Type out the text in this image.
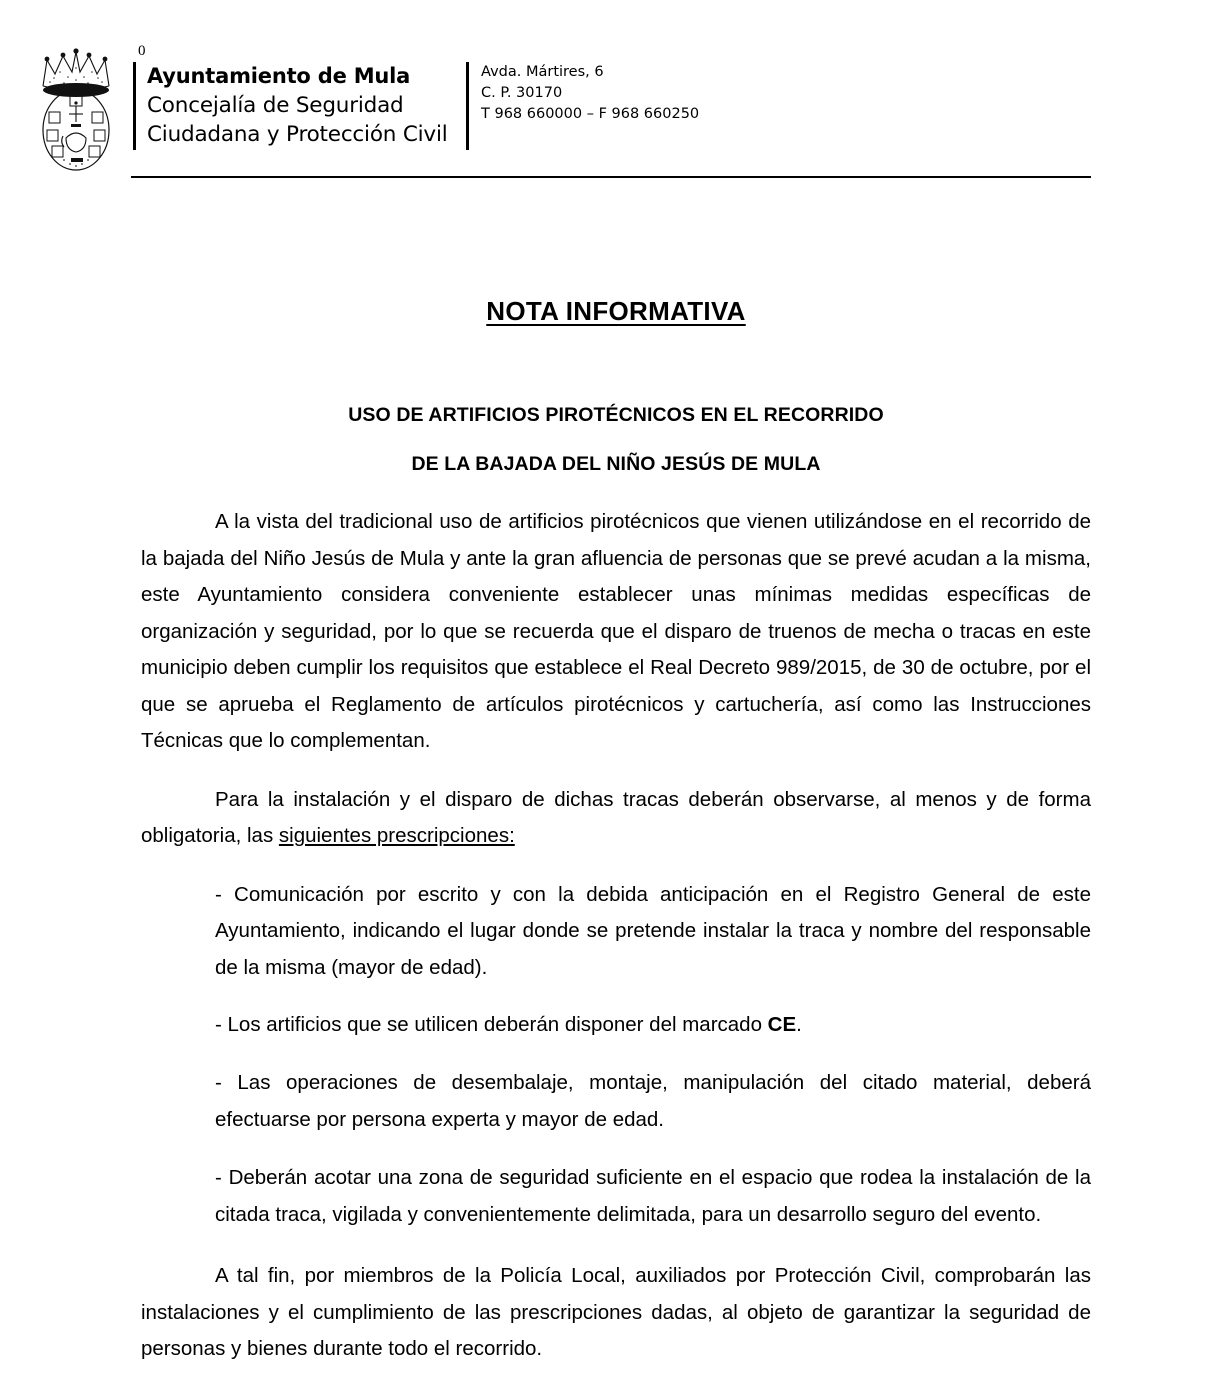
0
Ayuntamiento de Mula
Concejalía de Seguridad
Ciudadana y Protección Civil
Avda. Mártires, 6
C. P. 30170
T 968 660000 – F 968 660250
NOTA INFORMATIVA
USO DE ARTIFICIOS PIROTÉCNICOS EN EL RECORRIDO
DE LA BAJADA DEL NIÑO JESÚS DE MULA

A la vista del tradicional uso de artificios pirotécnicos que vienen utilizándose en el recorrido de la bajada del Niño Jesús de Mula y ante la gran afluencia de personas que se prevé acudan a la misma, este Ayuntamiento considera conveniente establecer unas mínimas medidas específicas de organización y seguridad, por lo que se recuerda que el disparo de truenos de mecha o tracas en este municipio deben cumplir los requisitos que establece el Real Decreto 989/2015, de 30 de octubre, por el que se aprueba el Reglamento de artículos pirotécnicos y cartuchería, así como las Instrucciones Técnicas que lo complementan.

Para la instalación y el disparo de dichas tracas deberán observarse, al menos y de forma obligatoria, las siguientes prescripciones:

- Comunicación por escrito y con la debida anticipación en el Registro General de este Ayuntamiento, indicando el lugar donde se pretende instalar la traca y nombre del responsable de la misma (mayor de edad).

- Los artificios que se utilicen deberán disponer del marcado CE.

- Las operaciones de desembalaje, montaje, manipulación del citado material, deberá efectuarse por persona experta y mayor de edad.

- Deberán acotar una zona de seguridad suficiente en el espacio que rodea la instalación de la citada traca, vigilada y convenientemente delimitada, para un desarrollo seguro del evento.

A tal fin, por miembros de la Policía Local, auxiliados por Protección Civil, comprobarán las instalaciones y el cumplimiento de las prescripciones dadas, al objeto de garantizar la seguridad de personas y bienes durante todo el recorrido.
